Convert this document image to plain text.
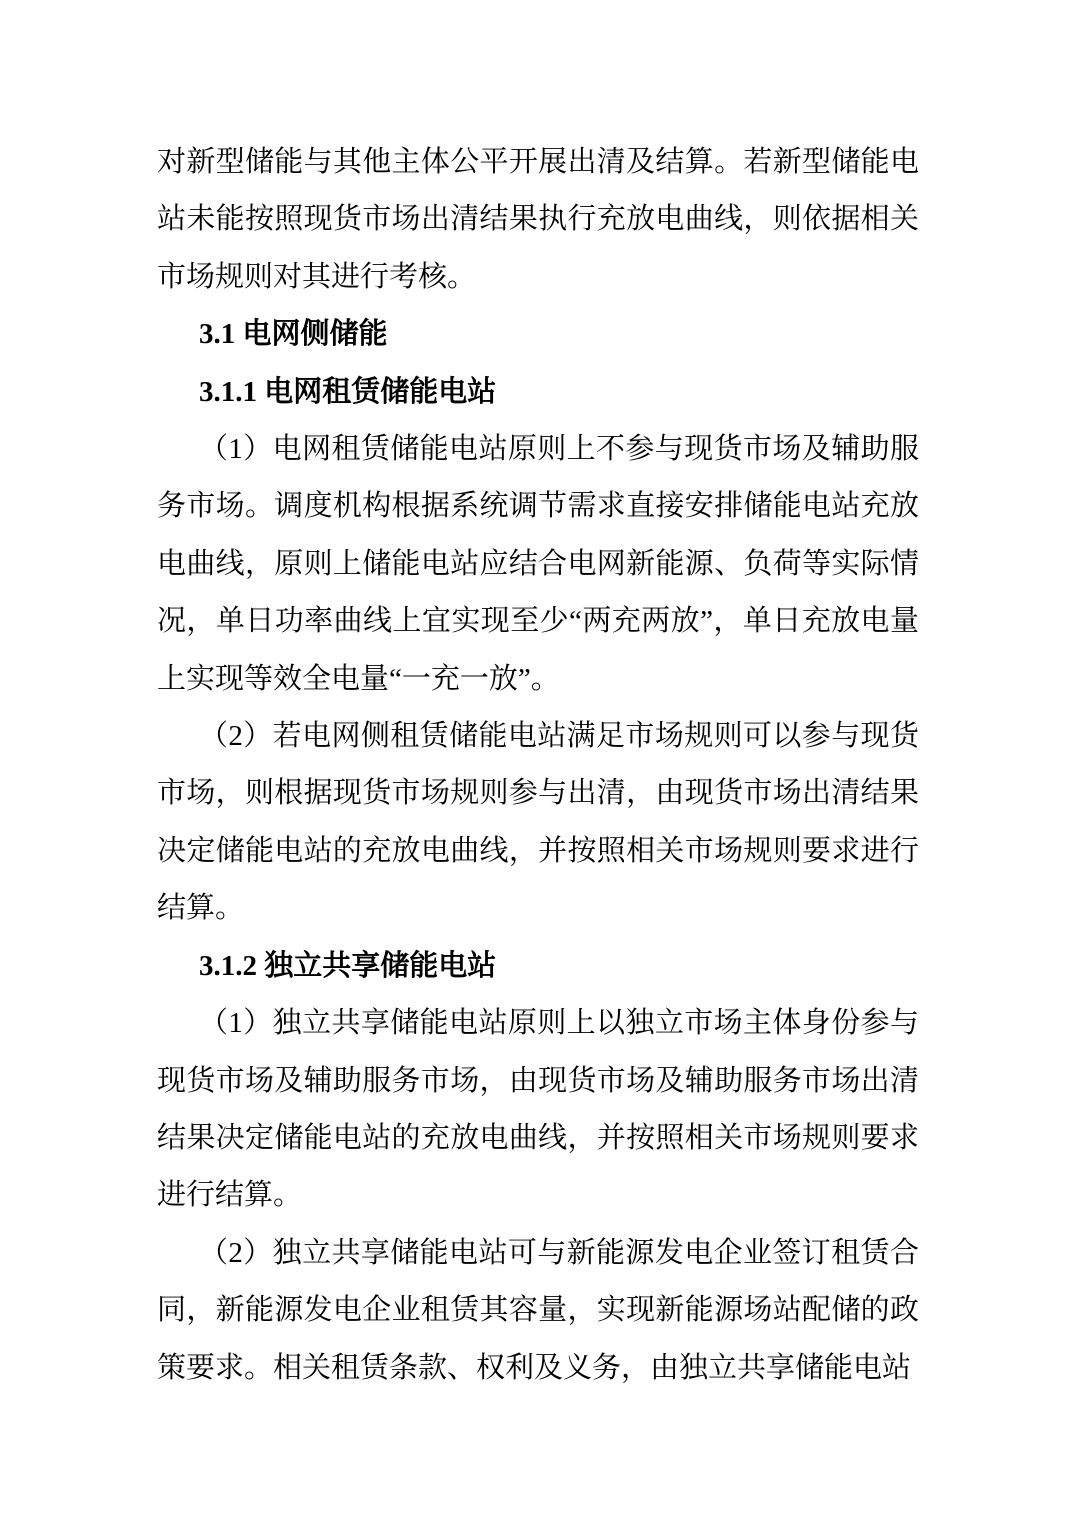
对新型储能与其他主体公平开展出清及结算。若新型储能电站未能按照现货市场出清结果执行充放电曲线，则依据相关市场规则对其进行考核。
3.1 电网侧储能
3.1.1 电网租赁储能电站
（1）电网租赁储能电站原则上不参与现货市场及辅助服务市场。调度机构根据系统调节需求直接安排储能电站充放电曲线，原则上储能电站应结合电网新能源、负荷等实际情况，单日功率曲线上宜实现至少“两充两放”，单日充放电量上实现等效全电量“一充一放”。
（2）若电网侧租赁储能电站满足市场规则可以参与现货市场，则根据现货市场规则参与出清，由现货市场出清结果决定储能电站的充放电曲线，并按照相关市场规则要求进行结算。
3.1.2 独立共享储能电站
（1）独立共享储能电站原则上以独立市场主体身份参与现货市场及辅助服务市场，由现货市场及辅助服务市场出清结果决定储能电站的充放电曲线，并按照相关市场规则要求进行结算。
（2）独立共享储能电站可与新能源发电企业签订租赁合同，新能源发电企业租赁其容量，实现新能源场站配储的政策要求。相关租赁条款、权利及义务，由独立共享储能电站
